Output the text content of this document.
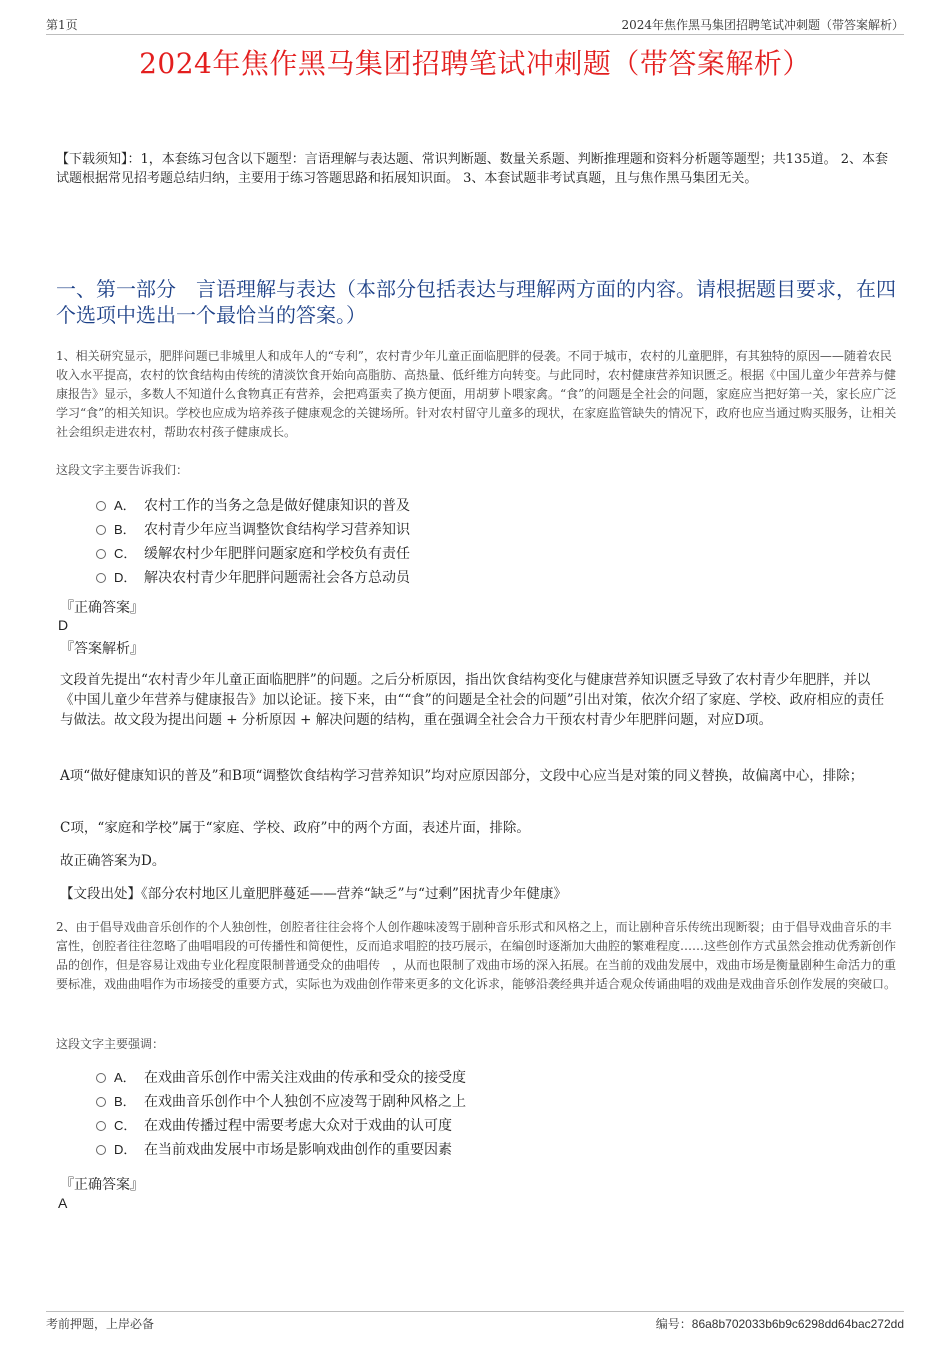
第1页	2024年焦作黑马集团招聘笔试冲刺题（带答案解析）
2024年焦作黑马集团招聘笔试冲刺题（带答案解析）
【下载须知】：1，本套练习包含以下题型：言语理解与表达题、常识判断题、数量关系题、判断推理题和资料分析题等题型；共135道。 2、本套试题根据常见招考题总结归纳，主要用于练习答题思路和拓展知识面。 3、本套试题非考试真题，且与焦作黑马集团无关。
一、第一部分　言语理解与表达（本部分包括表达与理解两方面的内容。请根据题目要求，在四个选项中选出一个最恰当的答案。）
1、相关研究显示，肥胖问题已非城里人和成年人的“专利”，农村青少年儿童正面临肥胖的侵袭。不同于城市，农村的儿童肥胖，有其独特的原因——随着农民收入水平提高，农村的饮食结构由传统的清淡饮食开始向高脂肪、高热量、低纤维方向转变。与此同时，农村健康营养知识匮乏。根据《中国儿童少年营养与健康报告》显示，多数人不知道什么食物真正有营养，会把鸡蛋卖了换方便面，用胡萝卜喂家禽。“食”的问题是全社会的问题，家庭应当把好第一关，家长应广泛学习“食”的相关知识。学校也应成为培养孩子健康观念的关键场所。针对农村留守儿童多的现状，在家庭监管缺失的情况下，政府也应当通过购买服务，让相关社会组织走进农村，帮助农村孩子健康成长。
这段文字主要告诉我们：
A． 农村工作的当务之急是做好健康知识的普及
B． 农村青少年应当调整饮食结构学习营养知识
C． 缓解农村少年肥胖问题家庭和学校负有责任
D． 解决农村青少年肥胖问题需社会各方总动员
『正确答案』
D
『答案解析』
文段首先提出“农村青少年儿童正面临肥胖”的问题。之后分析原因，指出饮食结构变化与健康营养知识匮乏导致了农村青少年肥胖，并以《中国儿童少年营养与健康报告》加以论证。接下来，由““食”的问题是全社会的问题”引出对策，依次介绍了家庭、学校、政府相应的责任与做法。故文段为提出问题 + 分析原因 + 解决问题的结构，重在强调全社会合力干预农村青少年肥胖问题，对应D项。
A项“做好健康知识的普及”和B项“调整饮食结构学习营养知识”均对应原因部分，文段中心应当是对策的同义替换，故偏离中心，排除；
C项，“家庭和学校”属于“家庭、学校、政府”中的两个方面，表述片面，排除。
故正确答案为D。
【文段出处】《部分农村地区儿童肥胖蔓延——营养“缺乏”与“过剩”困扰青少年健康》
2、由于倡导戏曲音乐创作的个人独创性，创腔者往往会将个人创作趣味凌驾于剧种音乐形式和风格之上，而让剧种音乐传统出现断裂；由于倡导戏曲音乐的丰富性，创腔者往往忽略了曲唱唱段的可传播性和简便性，反而追求唱腔的技巧展示，在编创时逐渐加大曲腔的繁难程度……这些创作方式虽然会推动优秀新创作品的创作，但是容易让戏曲专业化程度限制普通受众的曲唱传　，从而也限制了戏曲市场的深入拓展。在当前的戏曲发展中，戏曲市场是衡量剧种生命活力的重要标准，戏曲曲唱作为市场接受的重要方式，实际也为戏曲创作带来更多的文化诉求，能够沿袭经典并适合观众传诵曲唱的戏曲是戏曲音乐创作发展的突破口。
这段文字主要强调：
A． 在戏曲音乐创作中需关注戏曲的传承和受众的接受度
B． 在戏曲音乐创作中个人独创不应凌驾于剧种风格之上
C． 在戏曲传播过程中需要考虑大众对于戏曲的认可度
D． 在当前戏曲发展中市场是影响戏曲创作的重要因素
『正确答案』
A
考前押题，上岸必备	编号：86a8b702033b6b9c6298dd64bac272dd
